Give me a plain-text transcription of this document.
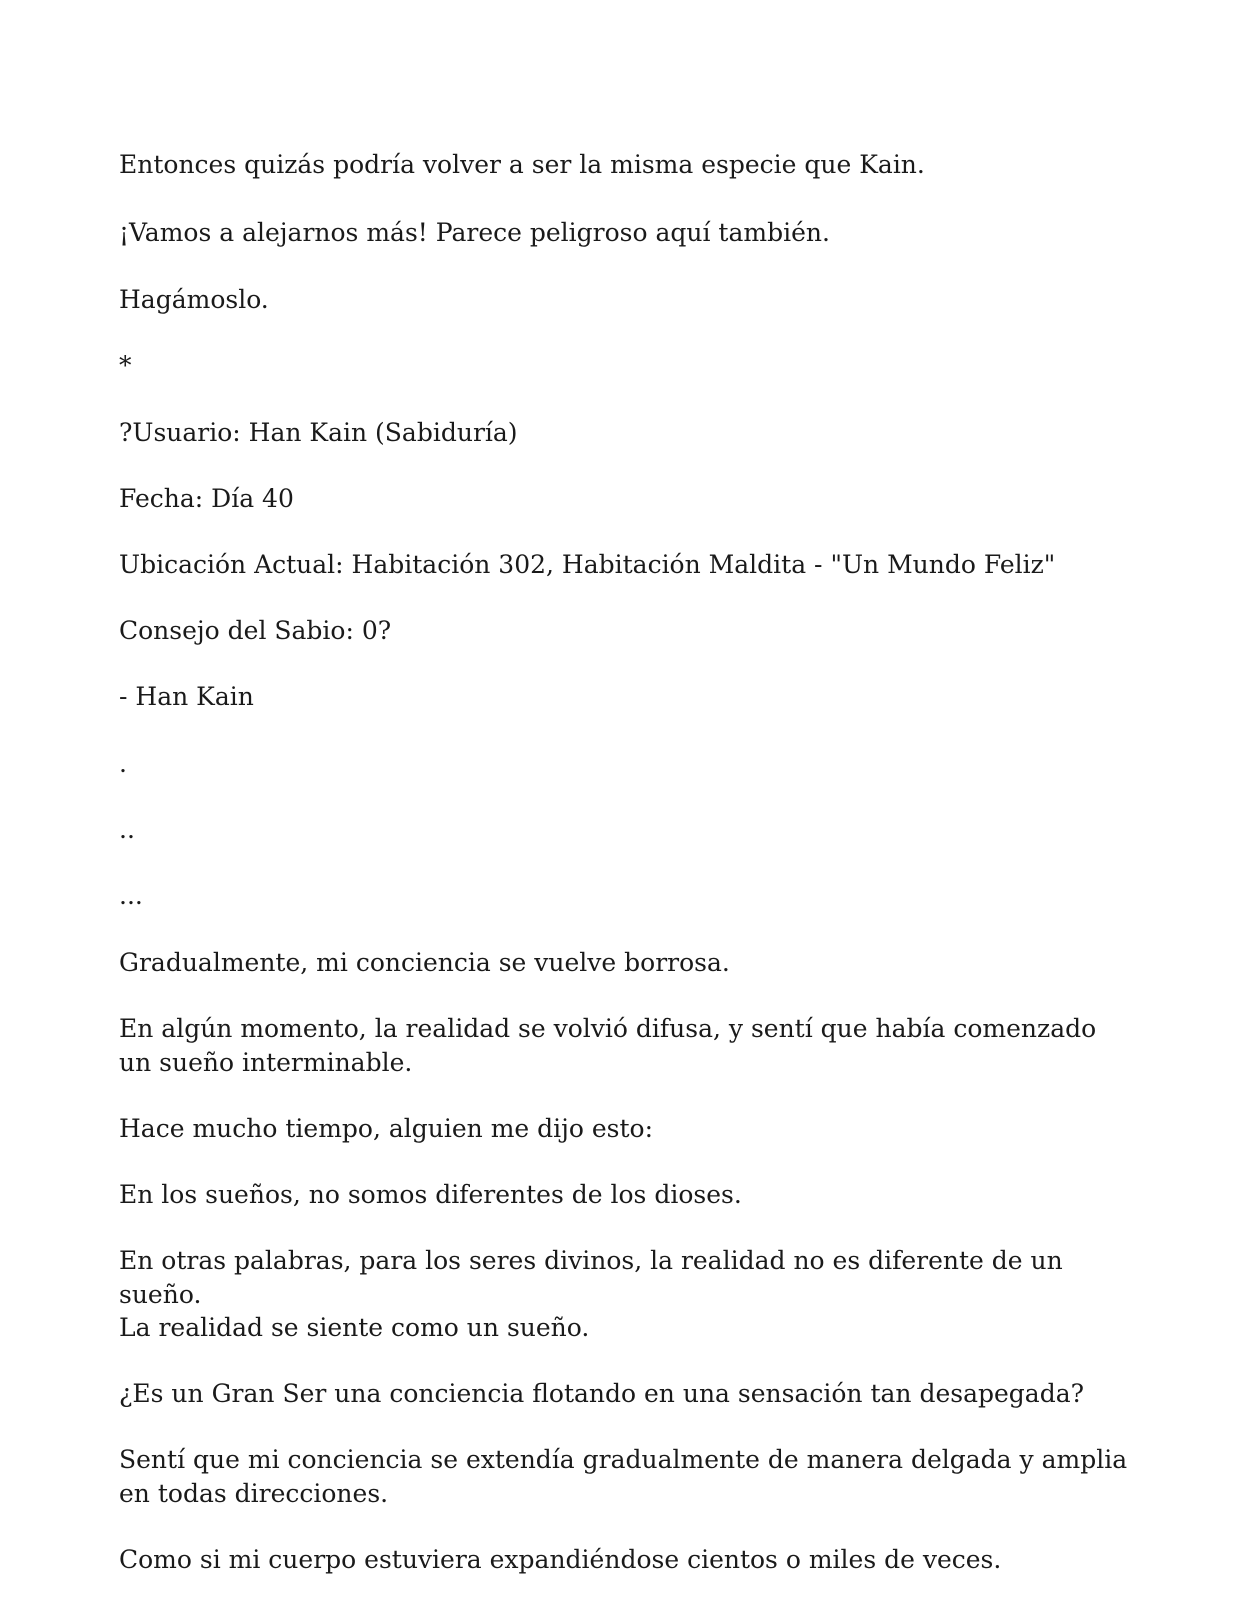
Entonces quizás podría volver a ser la misma especie que Kain.

¡Vamos a alejarnos más! Parece peligroso aquí también.

Hagámoslo.

*

?Usuario: Han Kain (Sabiduría)

Fecha: Día 40

Ubicación Actual: Habitación 302, Habitación Maldita - "Un Mundo Feliz"

Consejo del Sabio: 0?

- Han Kain

.

..

...

Gradualmente, mi conciencia se vuelve borrosa.

En algún momento, la realidad se volvió difusa, y sentí que había comenzado un sueño interminable.

Hace mucho tiempo, alguien me dijo esto:

En los sueños, no somos diferentes de los dioses.

En otras palabras, para los seres divinos, la realidad no es diferente de un sueño.

La realidad se siente como un sueño.

¿Es un Gran Ser una conciencia flotando en una sensación tan desapegada?

Sentí que mi conciencia se extendía gradualmente de manera delgada y amplia en todas direcciones.

Como si mi cuerpo estuviera expandiéndose cientos o miles de veces.
